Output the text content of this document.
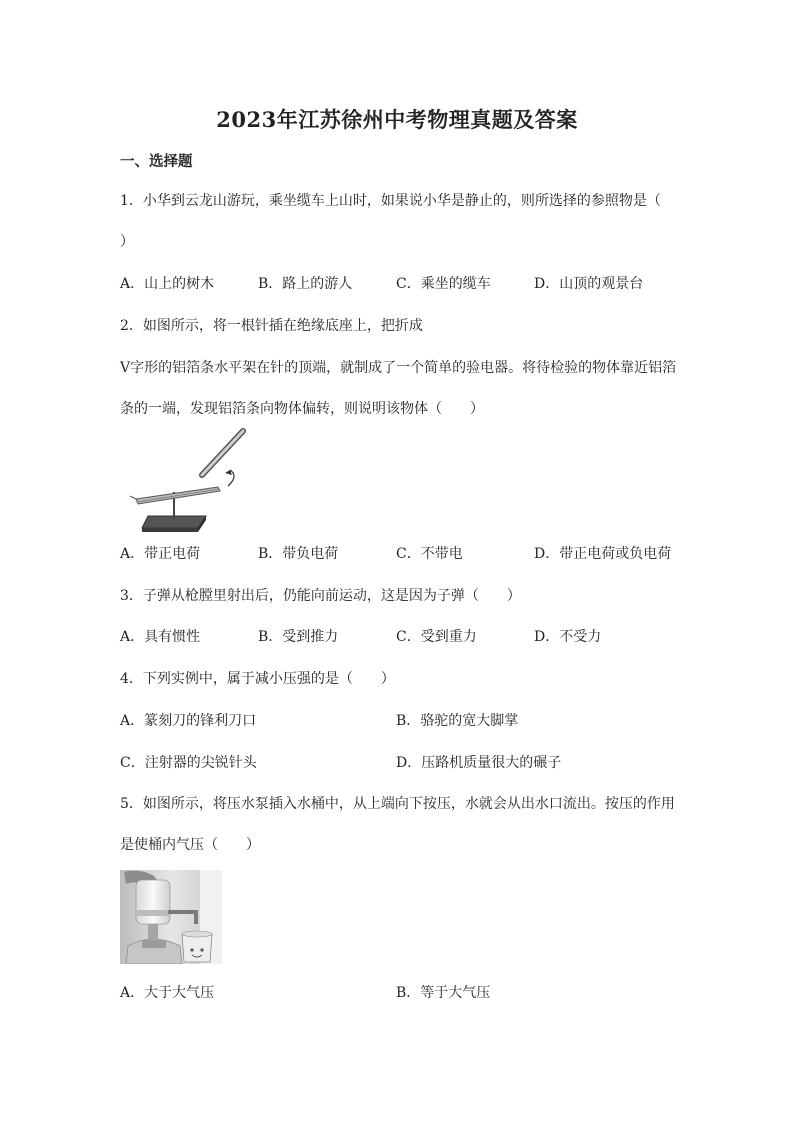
2023年江苏徐州中考物理真题及答案
一、选择题
1．小华到云龙山游玩，乘坐缆车上山时，如果说小华是静止的，则所选择的参照物是（
）
A．山上的树木	B．路上的游人	C．乘坐的缆车	D．山顶的观景台
2．如图所示，将一根针插在绝缘底座上，把折成
V字形的铝箔条水平架在针的顶端，就制成了一个简单的验电器。将待检验的物体靠近铝箔
条的一端，发现铝箔条向物体偏转，则说明该物体（　　）
A．带正电荷	B．带负电荷	C．不带电	D．带正电荷或负电荷
3．子弹从枪膛里射出后，仍能向前运动，这是因为子弹（　　）
A．具有惯性	B．受到推力	C．受到重力	D．不受力
4．下列实例中，属于减小压强的是（　　）
A．篆刻刀的锋利刀口	B．骆驼的宽大脚掌
C．注射器的尖锐针头	D．压路机质量很大的碾子
5．如图所示，将压水泵插入水桶中，从上端向下按压，水就会从出水口流出。按压的作用
是使桶内气压（　　）
A．大于大气压	B．等于大气压
